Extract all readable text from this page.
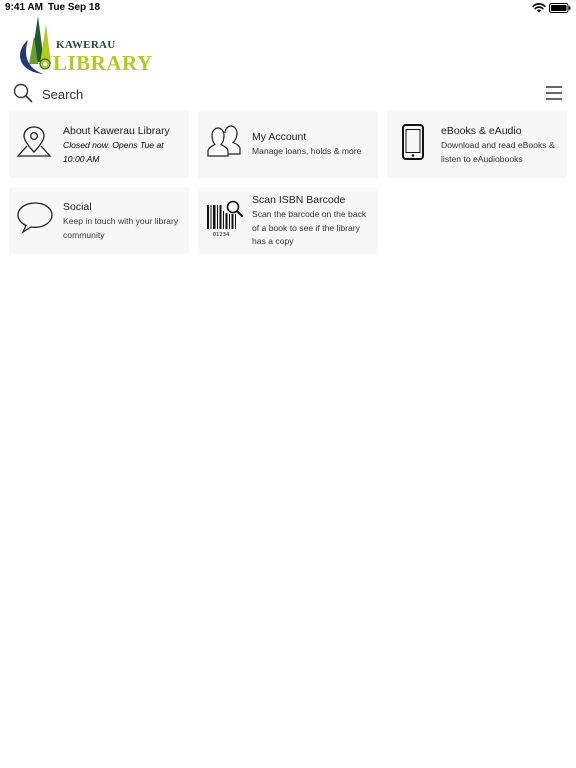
9:41 AM Tue Sep 18
KAWERAU
LIBRARY
Search
About Kawerau Library
Closed now. Opens Tue at 10:00 AM
My Account
Manage loans, holds & more
eBooks & eAudio
Download and read eBooks & listen to eAudiobooks
Social
Keep in touch with your library community	01234
Scan ISBN Barcode
Scan the barcode on the back of a book to see if the library has a copy
